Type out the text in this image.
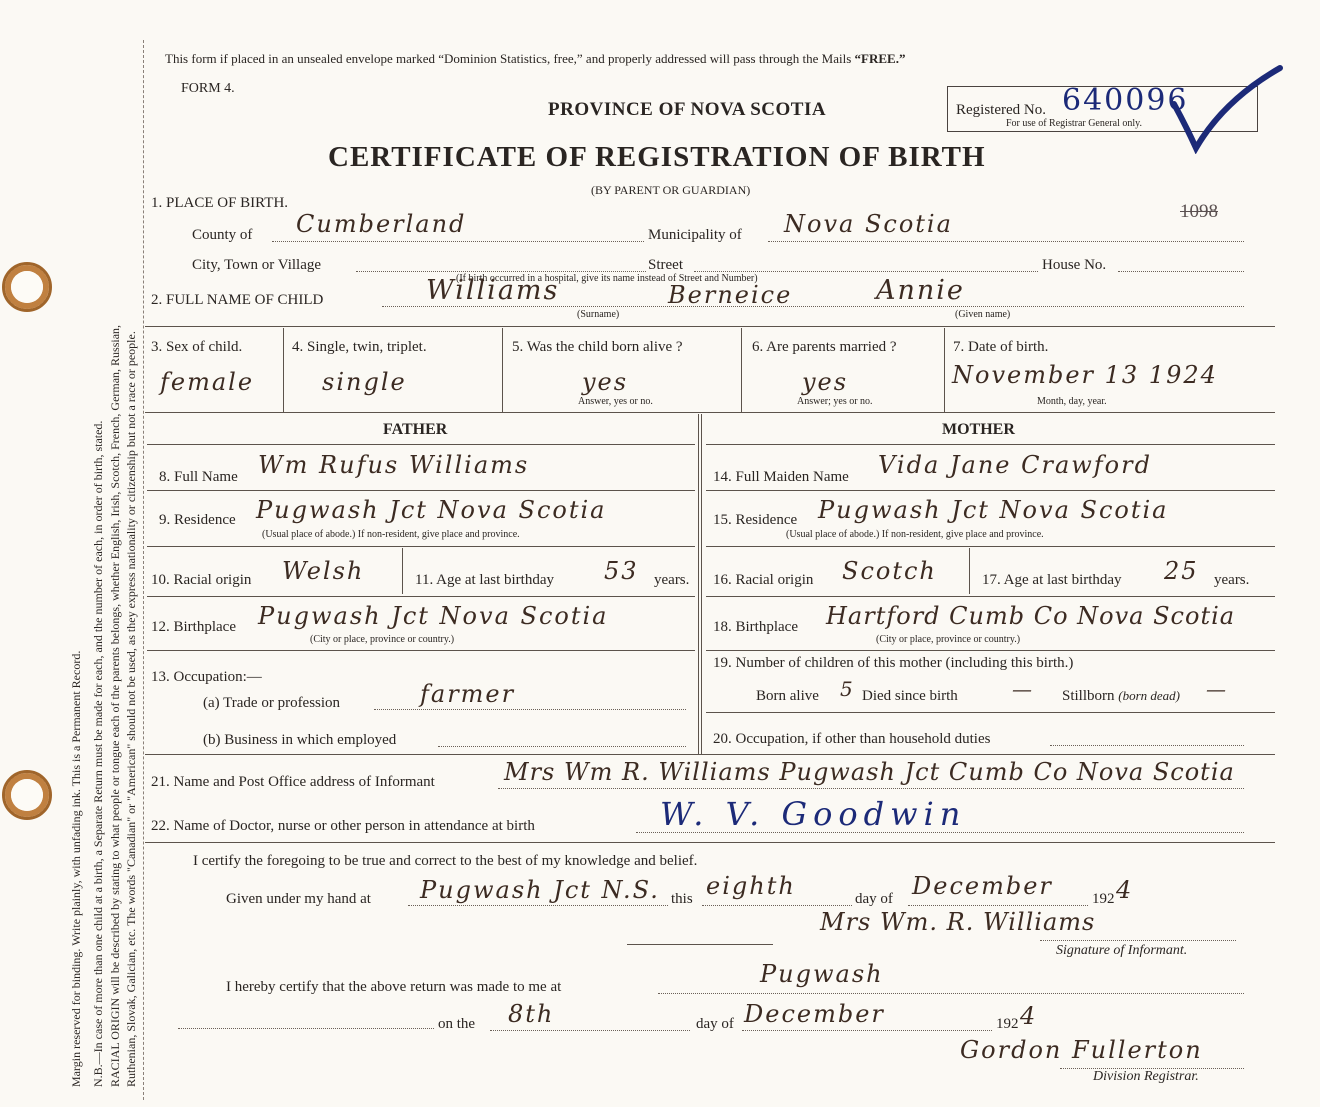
Margin reserved for binding. Write plainly, with unfading ink. This is a Permanent Record. N.B.—In case of more than one child at a birth, a Separate Return must be made for each, and the number of each, in order of birth, stated. RACIAL ORIGIN will be described by stating to what people or tongue each of the parents belongs, whether English, Irish, Scotch, French, German, Russian, Ruthenian, Slovak, Galician, etc. The words "Canadian" or "American" should not be used, as they express nationality or citizenship but not a race or people.
This form if placed in an unsealed envelope marked “Dominion Statistics, free,” and properly addressed will pass through the Mails “FREE.”
FORM 4.
PROVINCE OF NOVA SCOTIA
CERTIFICATE OF REGISTRATION OF BIRTH
(BY PARENT OR GUARDIAN)
Registered No. 640096
For use of Registrar General only.
1098
1. PLACE OF BIRTH.
County of Cumberland	Municipality of Nova Scotia
City, Town or Village	Street	House No.
(If birth occurred in a hospital, give its name instead of Street and Number)
2. FULL NAME OF CHILD	Williams	Berneice	Annie
(Surname)	(Given name)
3. Sex of child.
female
4. Single, twin, triplet.
single
5. Was the child born alive ?
yes
Answer, yes or no.
6. Are parents married ?
yes
Answer; yes or no.
7. Date of birth.
November 13 1924
Month, day, year.
FATHER	MOTHER
8. Full Name Wm Rufus Williams	14. Full Maiden Name Vida Jane Crawford
9. Residence Pugwash Jct Nova Scotia
(Usual place of abode.) If non-resident, give place and province.
15. Residence Pugwash Jct Nova Scotia
(Usual place of abode.) If non-resident, give place and province.
10. Racial origin Welsh	11. Age at last birthday 53 years. 16. Racial origin Scotch	17. Age at last birthday 25 years.
12. Birthplace Pugwash Jct Nova Scotia
(City or place, province or country.)
18. Birthplace Hartford Cumb Co Nova Scotia
(City or place, province or country.)
13. Occupation:—
(a) Trade or profession	farmer
(b) Business in which employed
19. Number of children of this mother (including this birth.)
Born alive 5 Died since birth	— Stillborn (born dead) —
20. Occupation, if other than household duties
21. Name and Post Office address of Informant	Mrs Wm R. Williams Pugwash Jct Cumb Co Nova Scotia
22. Name of Doctor, nurse or other person in attendance at birth	W. V. Goodwin
I certify the foregoing to be true and correct to the best of my knowledge and belief.
Given under my hand at Pugwash Jct N.S. this eighth	day of December	192 4
Mrs Wm. R. Williams
Signature of Informant.
I hereby certify that the above return was made to me at	Pugwash
on the 8th	day of December	192 4
Gordon Fullerton
Division Registrar.
